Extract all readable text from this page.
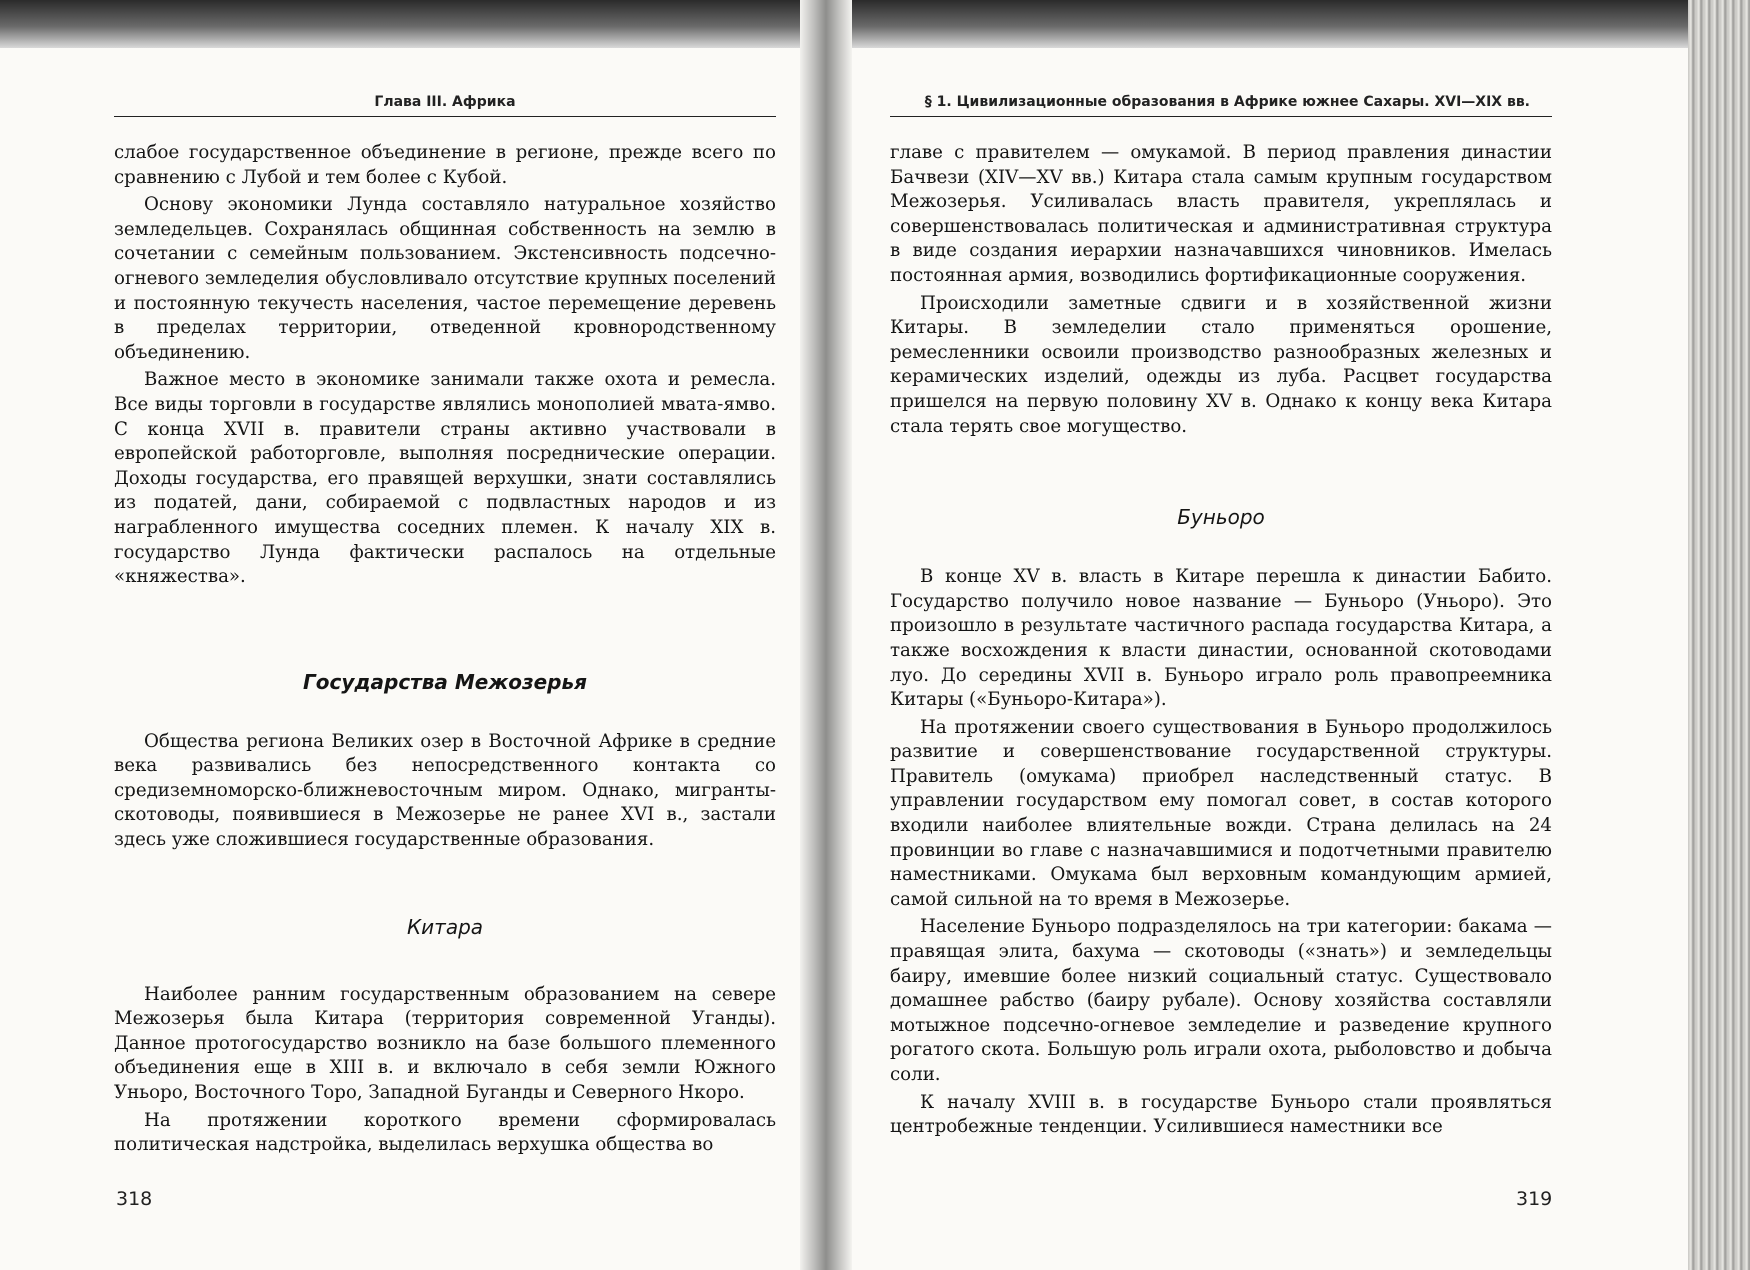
Глава III. Африка

слабое государственное объединение в регионе, прежде всего по сравнению с Лубой и тем более с Кубой.

Основу экономики Лунда составляло натуральное хозяйство земледельцев. Сохранялась общинная собственность на землю в сочетании с семейным пользованием. Экстенсивность подсечно-огневого земледелия обусловливало отсутствие крупных поселений и постоянную текучесть населения, частое перемещение деревень в пределах территории, отведенной кровнородственному объединению.

Важное место в экономике занимали также охота и ремесла. Все виды торговли в государстве являлись монополией мвата-ямво. С конца XVII в. правители страны активно участвовали в европейской работорговле, выполняя посреднические операции. Доходы государства, его правящей верхушки, знати составлялись из податей, дани, собираемой с подвластных народов и из награбленного имущества соседних племен. К началу XIX в. государство Лунда фактически распалось на отдельные «княжества».

Государства Межозерья

Общества региона Великих озер в Восточной Африке в средние века развивались без непосредственного контакта со средиземноморско-ближневосточным миром. Однако, мигранты-скотоводы, появившиеся в Межозерье не ранее XVI в., застали здесь уже сложившиеся государственные образования.

Китара

Наиболее ранним государственным образованием на севере Межозерья была Китара (территория современной Уганды). Данное протогосударство возникло на базе большого племенного объединения еще в XIII в. и включало в себя земли Южного Уньоро, Восточного Торо, Западной Буганды и Северного Нкоро.

На протяжении короткого времени сформировалась политическая надстройка, выделилась верхушка общества во

318
§ 1. Цивилизационные образования в Африке южнее Сахары. XVI—XIX вв.

главе с правителем — омукамой. В период правления династии Бачвези (XIV—XV вв.) Китара стала самым крупным государством Межозерья. Усиливалась власть правителя, укреплялась и совершенствовалась политическая и административная структура в виде создания иерархии назначавшихся чиновников. Имелась постоянная армия, возводились фортификационные сооружения.

Происходили заметные сдвиги и в хозяйственной жизни Китары. В земледелии стало применяться орошение, ремесленники освоили производство разнообразных железных и керамических изделий, одежды из луба. Расцвет государства пришелся на первую половину XV в. Однако к концу века Китара стала терять свое могущество.

Буньоро

В конце XV в. власть в Китаре перешла к династии Бабито. Государство получило новое название — Буньоро (Уньоро). Это произошло в результате частичного распада государства Китара, а также восхождения к власти династии, основанной скотоводами луо. До середины XVII в. Буньоро играло роль правопреемника Китары («Буньоро-Китара»).

На протяжении своего существования в Буньоро продолжилось развитие и совершенствование государственной структуры. Правитель (омукама) приобрел наследственный статус. В управлении государством ему помогал совет, в состав которого входили наиболее влиятельные вожди. Страна делилась на 24 провинции во главе с назначавшимися и подотчетными правителю наместниками. Омукама был верховным командующим армией, самой сильной на то время в Межозерье.

Население Буньоро подразделялось на три категории: бакама — правящая элита, бахума — скотоводы («знать») и земледельцы баиру, имевшие более низкий социальный статус. Существовало домашнее рабство (баиру рубале). Основу хозяйства составляли мотыжное подсечно-огневое земледелие и разведение крупного рогатого скота. Большую роль играли охота, рыболовство и добыча соли.

К началу XVIII в. в государстве Буньоро стали проявляться центробежные тенденции. Усилившиеся наместники все

319
